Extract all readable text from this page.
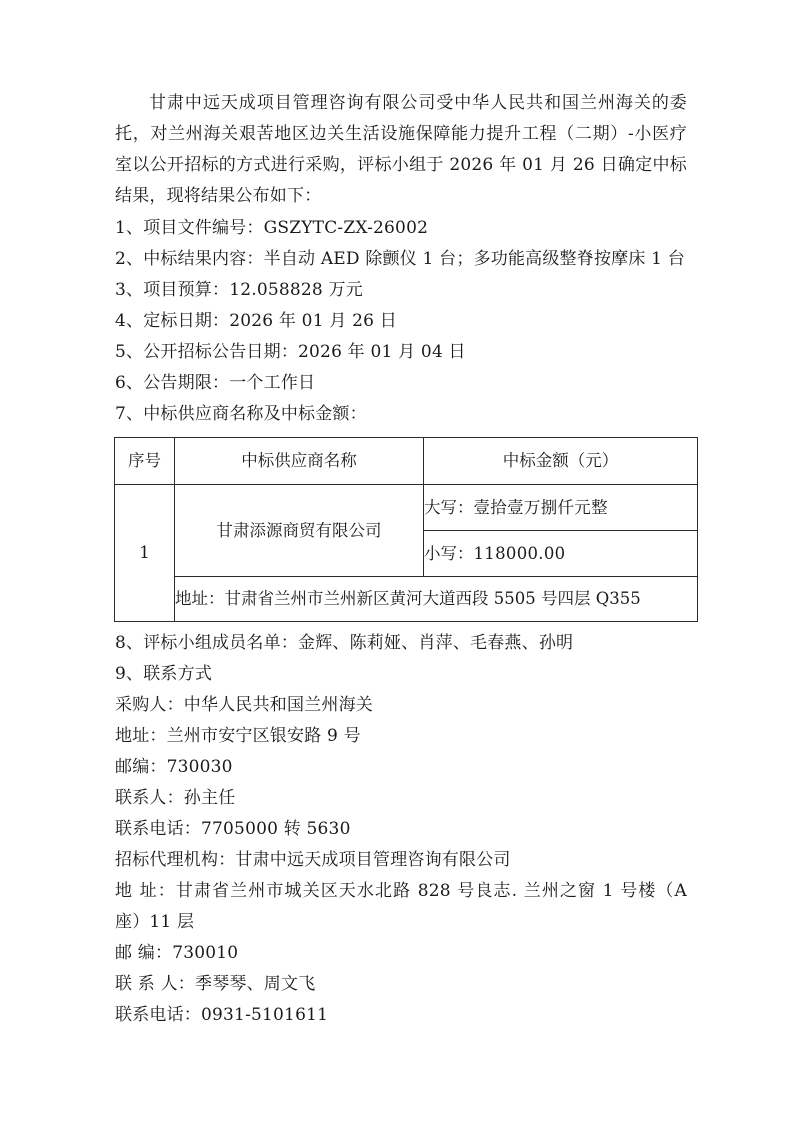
甘肃中远天成项目管理咨询有限公司受中华人民共和国兰州海关的委托，对兰州海关艰苦地区边关生活设施保障能力提升工程（二期）-小医疗室以公开招标的方式进行采购，评标小组于 2026 年 01 月 26 日确定中标结果，现将结果公布如下：

1、项目文件编号：GSZYTC-ZX-26002

2、中标结果内容：半自动 AED 除颤仪 1 台；多功能高级整脊按摩床 1 台

3、项目预算：12.058828 万元

4、定标日期：2026 年 01 月 26 日

5、公开招标公告日期：2026 年 01 月 04 日

6、公告期限：一个工作日

7、中标供应商名称及中标金额：

序号	中标供应商名称	中标金额（元）
1	甘肃添源商贸有限公司	大写：壹拾壹万捌仟元整
		小写：118000.00
	地址：甘肃省兰州市兰州新区黄河大道西段 5505 号四层 Q355	

8、评标小组成员名单：金辉、陈莉娅、肖萍、毛春燕、孙明

9、联系方式

采购人：中华人民共和国兰州海关

地址：兰州市安宁区银安路 9 号

邮编：730030

联系人：孙主任

联系电话：7705000 转 5630

招标代理机构：甘肃中远天成项目管理咨询有限公司

地 址：甘肃省兰州市城关区天水北路 828 号良志. 兰州之窗 1 号楼（A 座）11 层

邮 编：730010

联 系 人：季琴琴、周文飞

联系电话：0931-5101611
